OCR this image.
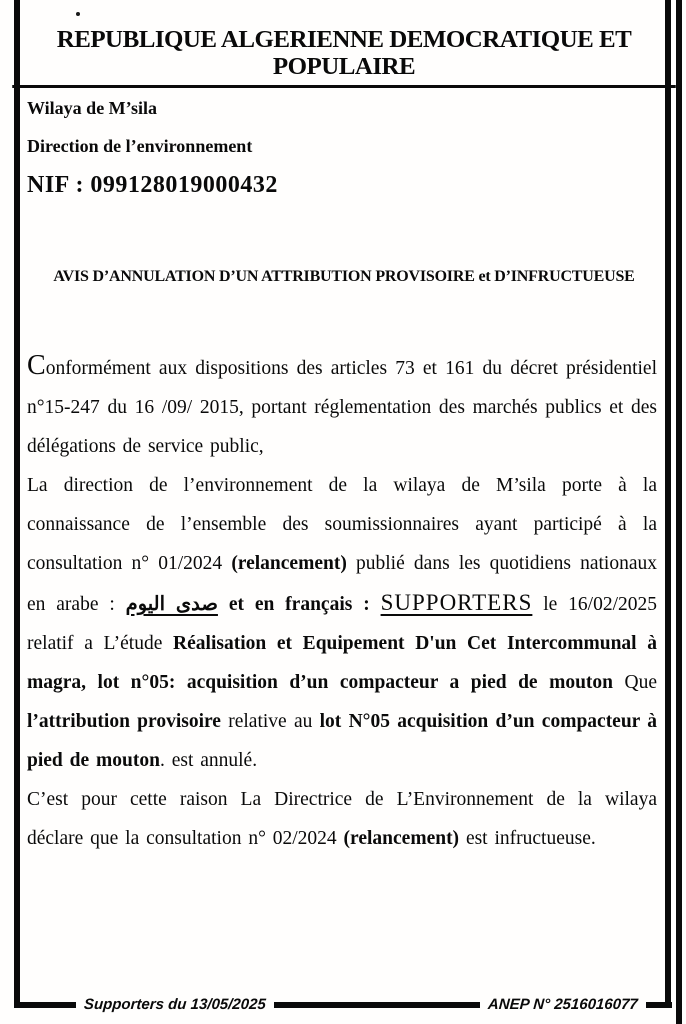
REPUBLIQUE ALGERIENNE DEMOCRATIQUE ET POPULAIRE
Wilaya de M’sila
Direction de l’environnement
NIF : 099128019000432
AVIS D’ANNULATION D’UN ATTRIBUTION PROVISOIRE et D’INFRUCTUEUSE

Conformément aux dispositions des articles 73 et 161 du décret présidentiel n°15-247 du 16 /09/ 2015, portant réglementation des marchés publics et des délégations de service public,

La direction de l’environnement de la wilaya de M’sila porte à la connaissance de l’ensemble des soumissionnaires ayant participé à la consultation n° 01/2024 (relancement) publié dans les quotidiens nationaux en arabe : صدى اليوم et en français : SUPPORTERS le 16/02/2025 relatif a L’étude Réalisation et Equipement D'un Cet Intercommunal à magra, lot n°05: acquisition d’un compacteur a pied de mouton Que l’attribution provisoire relative au lot N°05 acquisition d’un compacteur à pied de mouton. est annulé.

C’est pour cette raison La Directrice de L’Environnement de la wilaya déclare que la consultation n° 02/2024 (relancement) est infructueuse.

Supporters du 13/05/2025	ANEP N° 2516016077
